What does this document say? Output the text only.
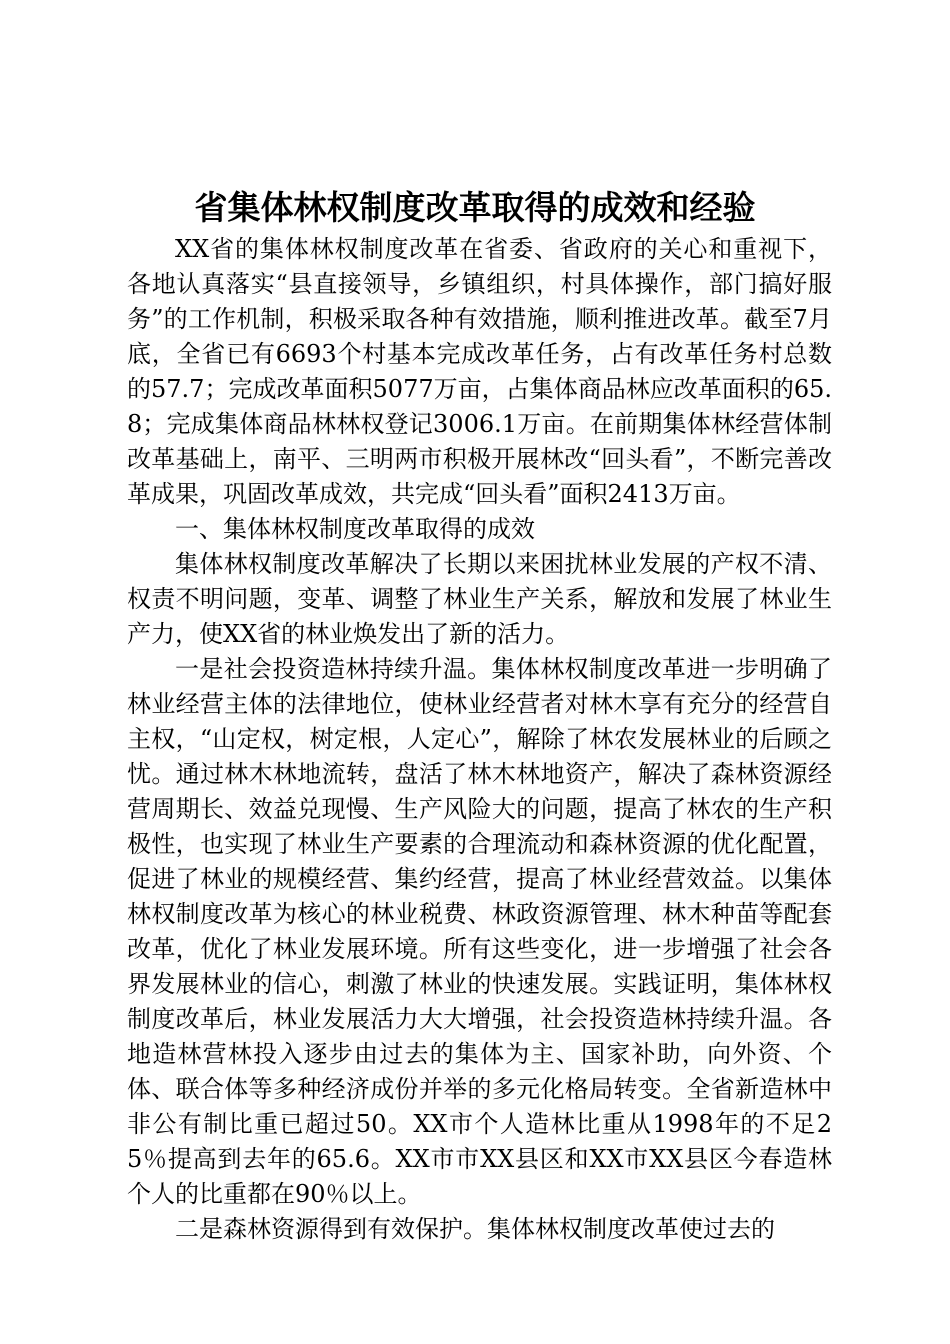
省集体林权制度改革取得的成效和经验

XX省的集体林权制度改革在省委、省政府的关心和重视下，各地认真落实“县直接领导，乡镇组织，村具体操作，部门搞好服务”的工作机制，积极采取各种有效措施，顺利推进改革。截至7月底，全省已有6693个村基本完成改革任务，占有改革任务村总数的57.7；完成改革面积5077万亩，占集体商品林应改革面积的65.8；完成集体商品林林权登记3006.1万亩。在前期集体林经营体制改革基础上，南平、三明两市积极开展林改“回头看”，不断完善改革成果，巩固改革成效，共完成“回头看”面积2413万亩。

一、集体林权制度改革取得的成效

集体林权制度改革解决了长期以来困扰林业发展的产权不清、权责不明问题，变革、调整了林业生产关系，解放和发展了林业生产力，使XX省的林业焕发出了新的活力。

一是社会投资造林持续升温。集体林权制度改革进一步明确了林业经营主体的法律地位，使林业经营者对林木享有充分的经营自主权，“山定权，树定根，人定心”，解除了林农发展林业的后顾之忧。通过林木林地流转，盘活了林木林地资产，解决了森林资源经营周期长、效益兑现慢、生产风险大的问题，提高了林农的生产积极性，也实现了林业生产要素的合理流动和森林资源的优化配置，促进了林业的规模经营、集约经营，提高了林业经营效益。以集体林权制度改革为核心的林业税费、林政资源管理、林木种苗等配套改革，优化了林业发展环境。所有这些变化，进一步增强了社会各界发展林业的信心，刺激了林业的快速发展。实践证明，集体林权制度改革后，林业发展活力大大增强，社会投资造林持续升温。各地造林营林投入逐步由过去的集体为主、国家补助，向外资、个体、联合体等多种经济成份并举的多元化格局转变。全省新造林中非公有制比重已超过50。XX市个人造林比重从1998年的不足25％提高到去年的65.6。XX市市XX县区和XX市XX县区今春造林个人的比重都在90％以上。

二是森林资源得到有效保护。集体林权制度改革使过去的
